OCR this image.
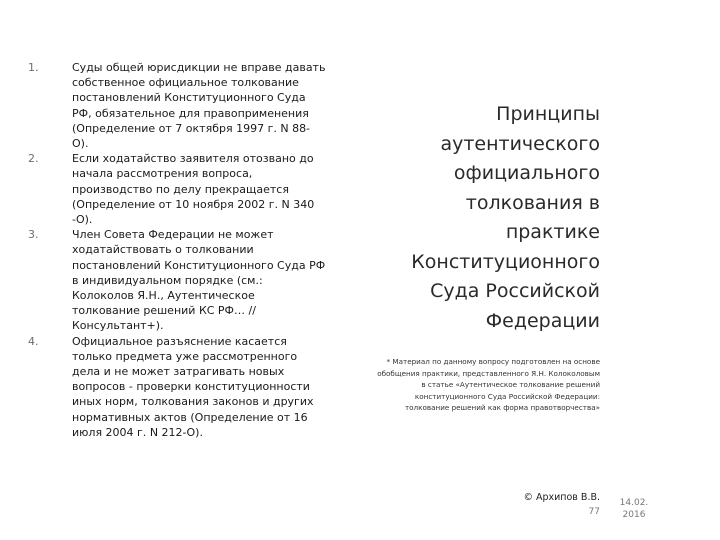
1.	Суды общей юрисдикции не вправе давать собственное официальное толкование постановлений Конституционного Суда РФ, обязательное для правоприменения (Определение от 7 октября 1997 г. N 88-О).
2.	Если ходатайство заявителя отозвано до начала рассмотрения вопроса, производство по делу прекращается (Определение от 10 ноября 2002 г. N 340 -О).
3.	Член Совета Федерации не может ходатайствовать о толковании постановлений Конституционного Суда РФ в индивидуальном порядке (см.: Колоколов Я.Н., Аутентическое толкование решений КС РФ… // Консультант+).
4.	Официальное разъяснение касается только предмета уже рассмотренного дела и не может затрагивать новых вопросов - проверки конституционности иных норм, толкования законов и других нормативных актов (Определение от 16 июля 2004 г. N 212-О).
Принципы аутентического официального толкования в практике Конституционного Суда Российской Федерации
* Материал по данному вопросу подготовлен на основе обобщения практики, представленного Я.Н. Колоколовым в статье «Аутентическое толкование решений конституционного Суда Российской Федерации: толкование решений как форма правотворчества»
© Архипов В.В.
77
14.02.
2016
